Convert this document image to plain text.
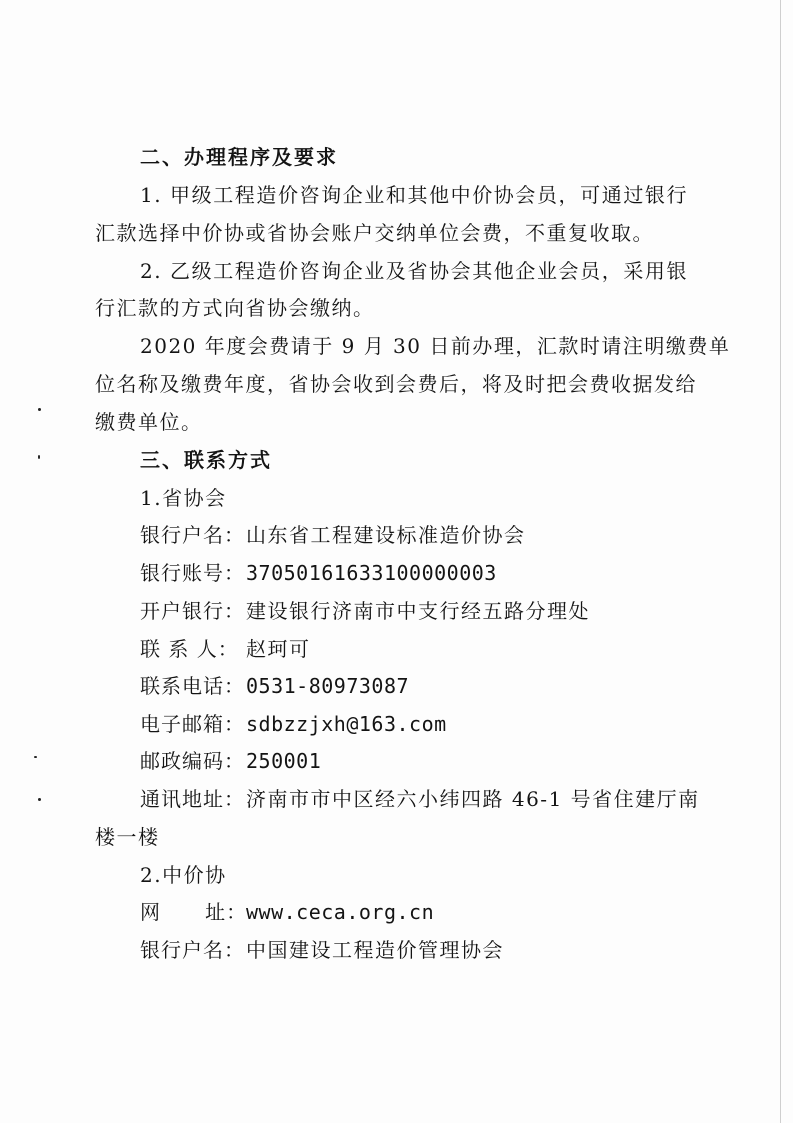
二、办理程序及要求
1. 甲级工程造价咨询企业和其他中价协会员，可通过银行
汇款选择中价协或省协会账户交纳单位会费，不重复收取。
2. 乙级工程造价咨询企业及省协会其他企业会员，采用银
行汇款的方式向省协会缴纳。
2020 年度会费请于 9 月 30 日前办理，汇款时请注明缴费单
位名称及缴费年度，省协会收到会费后，将及时把会费收据发给
缴费单位。
三、联系方式
1.省协会
银行户名：山东省工程建设标准造价协会
银行账号：37050161633100000003
开户银行：建设银行济南市中支行经五路分理处
联 系 人： 赵珂可
联系电话：0531-80973087
电子邮箱：sdbzzjxh@163.com
邮政编码：250001
通讯地址：济南市市中区经六小纬四路 46-1 号省住建厅南
楼一楼
2.中价协
网      址：www.ceca.org.cn
银行户名：中国建设工程造价管理协会
